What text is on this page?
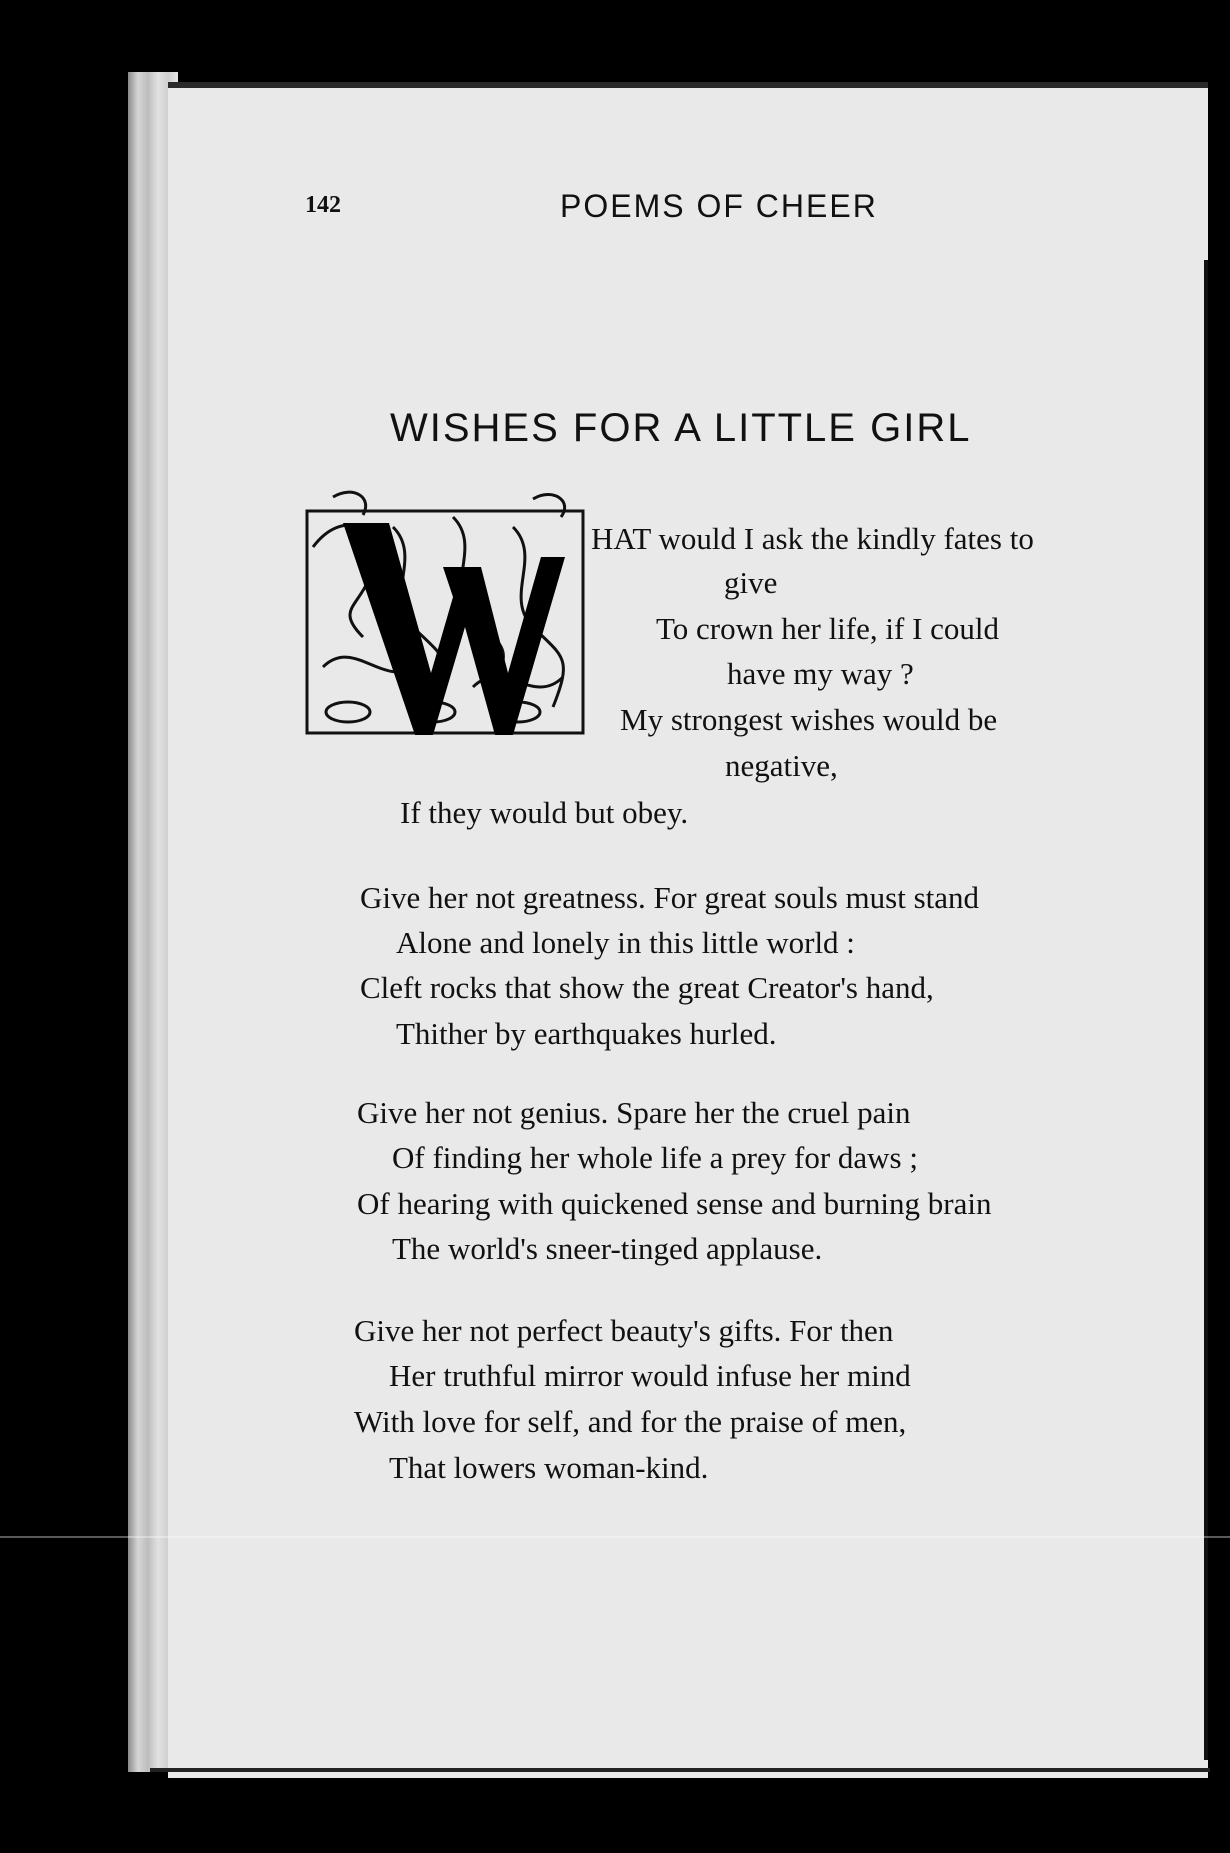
142	POEMS OF CHEER
WISHES FOR A LITTLE GIRL
HAT would I ask the kindly fates to
give
To crown her life, if I could
have my way ?
My strongest wishes would be
negative,
If they would but obey.
Give her not greatness. For great souls must stand
Alone and lonely in this little world :
Cleft rocks that show the great Creator's hand,
Thither by earthquakes hurled.
Give her not genius. Spare her the cruel pain
Of finding her whole life a prey for daws ;
Of hearing with quickened sense and burning brain
The world's sneer-tinged applause.
Give her not perfect beauty's gifts. For then
Her truthful mirror would infuse her mind
With love for self, and for the praise of men,
That lowers woman-kind.
